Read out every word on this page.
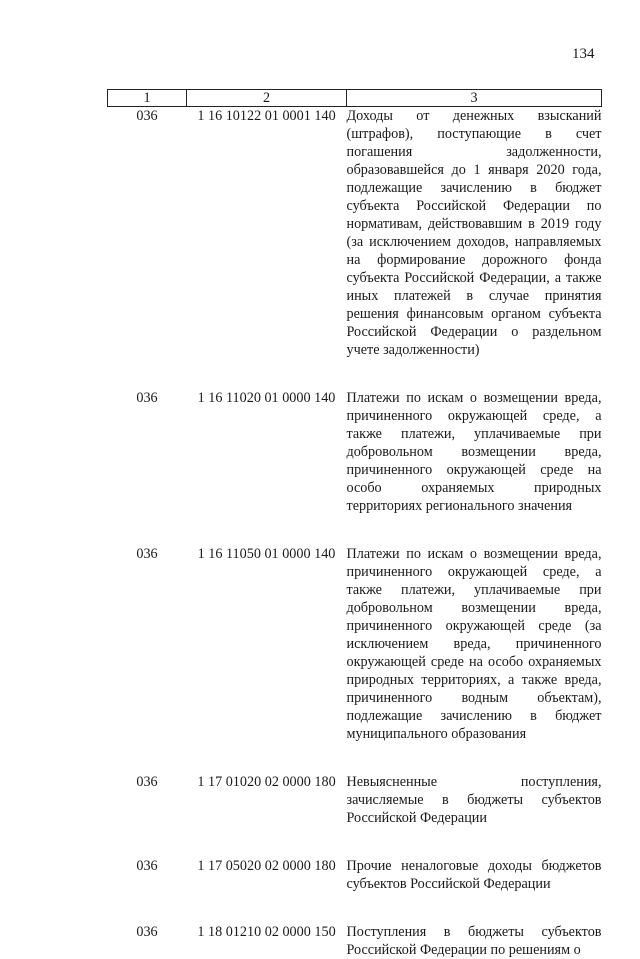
134
1	2	3
036	1 16 10122 01 0001 140	Доходы от денежных взысканий (штрафов), поступающие в счет погашения задолженности, образовавшейся до 1 января 2020 года, подлежащие зачислению в бюджет субъекта Российской Федерации по нормативам, действовавшим в 2019 году (за исключением доходов, направляемых на формирование дорожного фонда субъекта Российской Федерации, а также иных платежей в случае принятия решения финансовым органом субъекта Российской Федерации о раздельном учете задолженности)
036	1 16 11020 01 0000 140	Платежи по искам о возмещении вреда, причиненного окружающей среде, а также платежи, уплачиваемые при добровольном возмещении вреда, причиненного окружающей среде на особо охраняемых природных территориях регионального значения
036	1 16 11050 01 0000 140	Платежи по искам о возмещении вреда, причиненного окружающей среде, а также платежи, уплачиваемые при добровольном возмещении вреда, причиненного окружающей среде (за исключением вреда, причиненного окружающей среде на особо охраняемых природных территориях, а также вреда, причиненного водным объектам), подлежащие зачислению в бюджет муниципального образования
036	1 17 01020 02 0000 180	Невыясненные поступления, зачисляемые в бюджеты субъектов Российской Федерации
036	1 17 05020 02 0000 180	Прочие неналоговые доходы бюджетов субъектов Российской Федерации
036	1 18 01210 02 0000 150	Поступления в бюджеты субъектов Российской Федерации по решениям о
